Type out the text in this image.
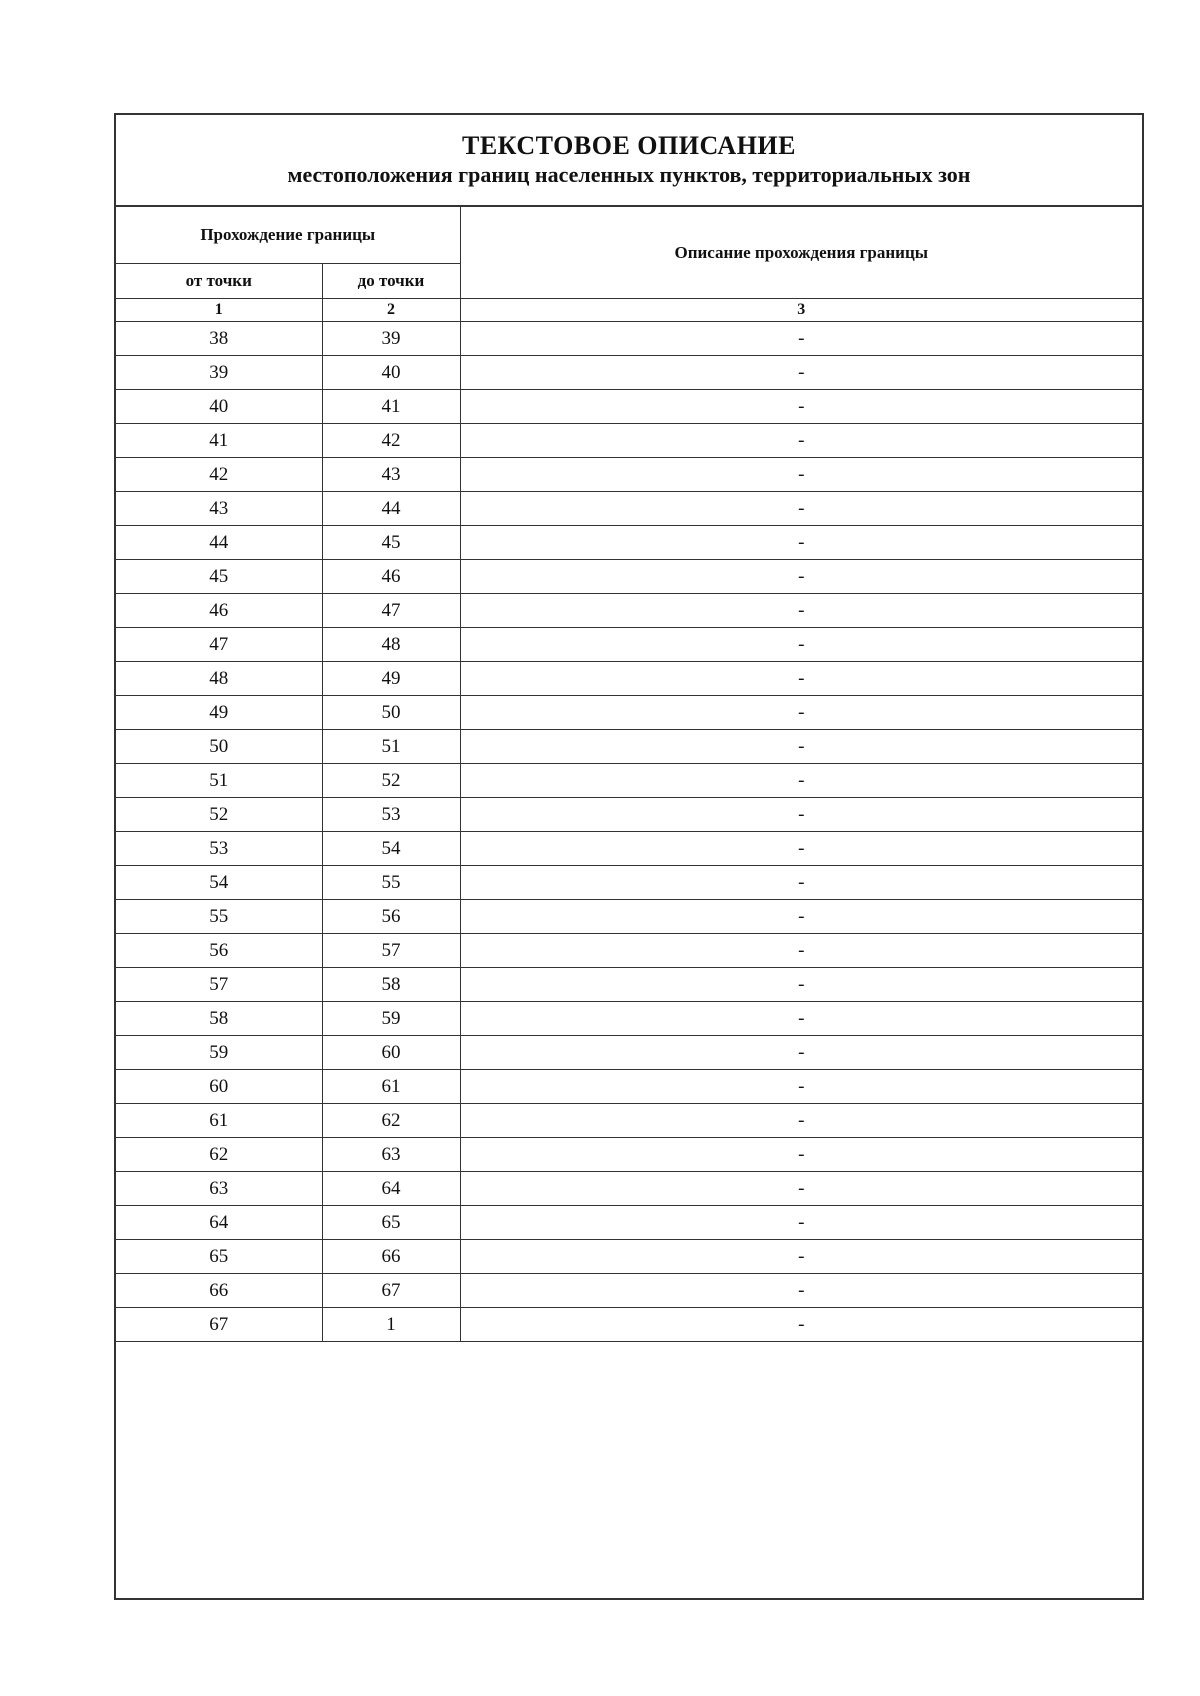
ТЕКСТОВОЕ ОПИСАНИЕ
местоположения границ населенных пунктов, территориальных зон
Прохождение границы		Описание прохождения границы
от точки	до точки	
1	2	3
38	39	-
39	40	-
40	41	-
41	42	-
42	43	-
43	44	-
44	45	-
45	46	-
46	47	-
47	48	-
48	49	-
49	50	-
50	51	-
51	52	-
52	53	-
53	54	-
54	55	-
55	56	-
56	57	-
57	58	-
58	59	-
59	60	-
60	61	-
61	62	-
62	63	-
63	64	-
64	65	-
65	66	-
66	67	-
67	1	-
